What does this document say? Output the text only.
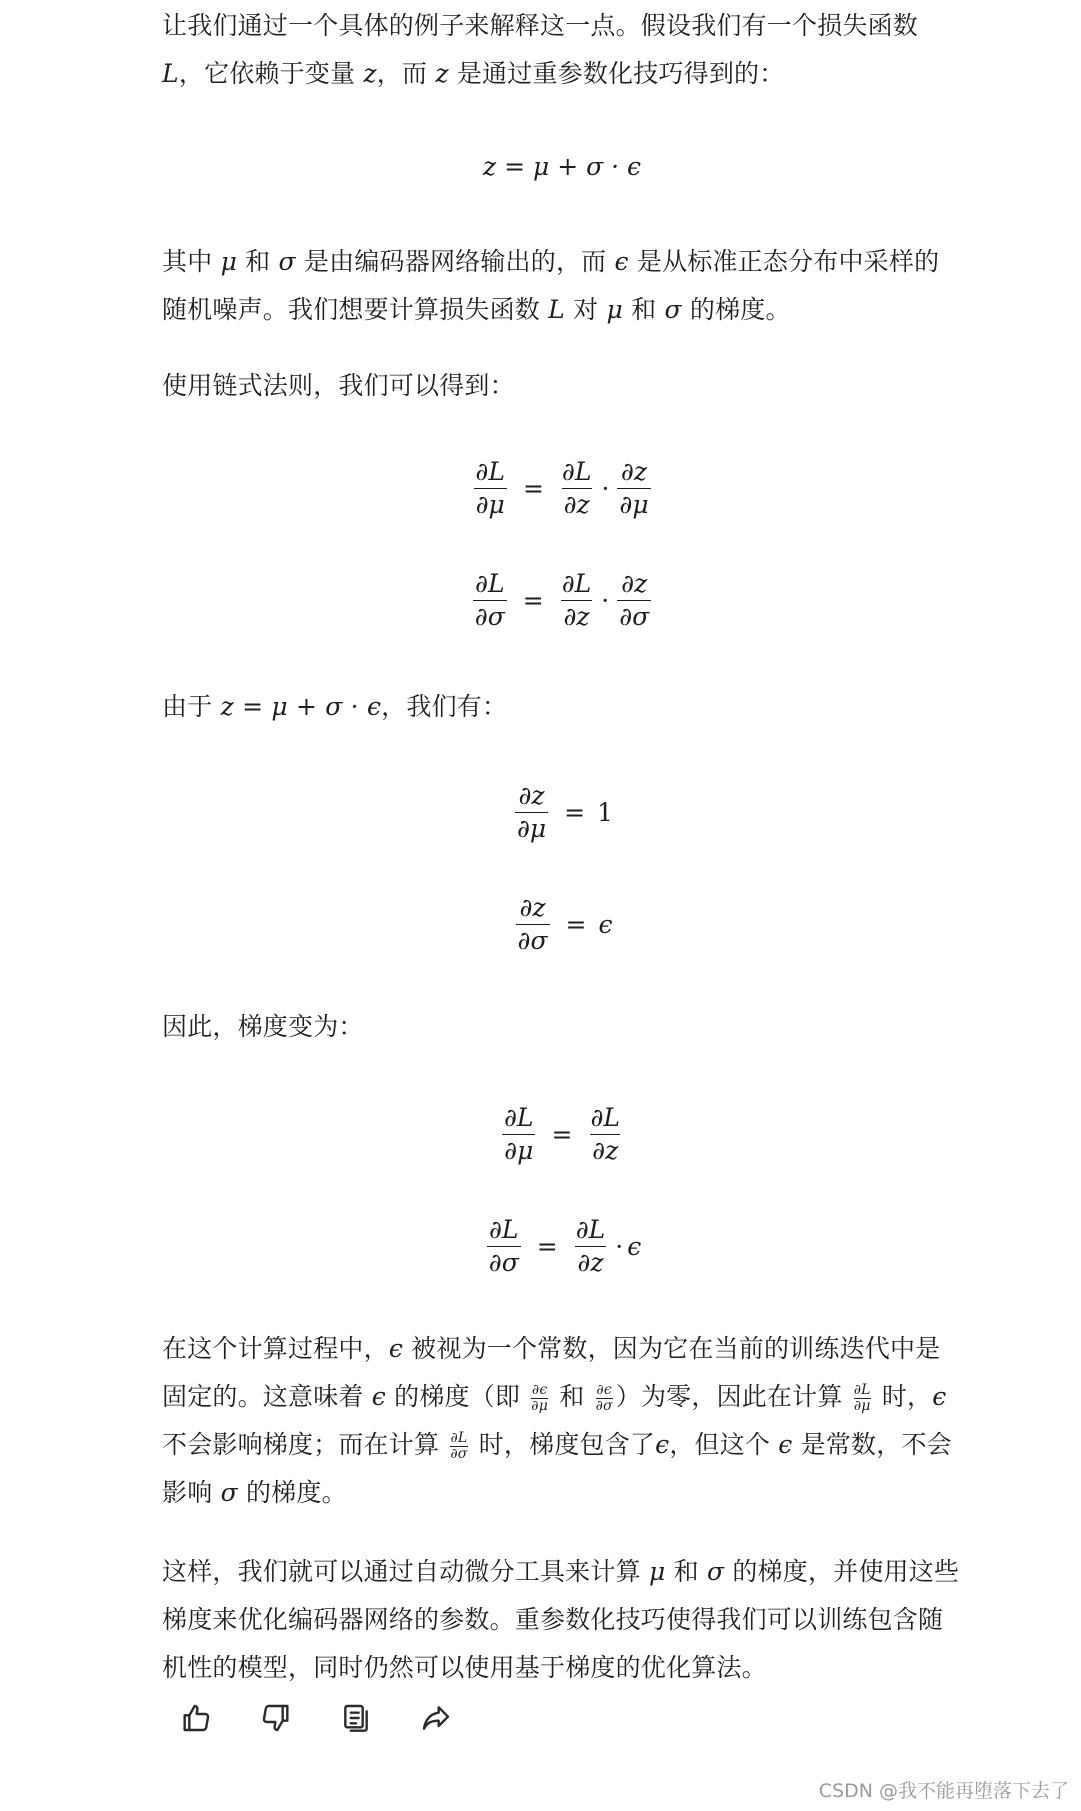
让我们通过一个具体的例子来解释这一点。假设我们有一个损失函数
L，它依赖于变量 z，而 z 是通过重参数化技巧得到的：

z = μ + σ · ϵ

其中 μ 和 σ 是由编码器网络输出的，而 ϵ 是从标准正态分布中采样的随机噪声。我们想要计算损失函数 L 对 μ 和 σ 的梯度。

使用链式法则，我们可以得到：

$\frac{\partial L}{\partial\mu} = \frac{\partial L}{\partial z} \cdot \frac{\partial z}{\partial\mu}$
$\frac{\partial L}{\partial\sigma} = \frac{\partial L}{\partial z} \cdot \frac{\partial z}{\partial\sigma}$

由于 z = μ + σ · ϵ，我们有：

$\frac{\partial z}{\partial\mu} = 1$
$\frac{\partial z}{\partial\sigma} = \epsilon$

因此，梯度变为：

$\frac{\partial L}{\partial\mu} = \frac{\partial L}{\partial z}$
$\frac{\partial L}{\partial\sigma} = \frac{\partial L}{\partial z} \cdot \epsilon$

在这个计算过程中，ϵ 被视为一个常数，因为它在当前的训练迭代中是固定的。这意味着 ϵ 的梯度（即 $\frac{\partial\epsilon}{\partial\mu}$ 和 $\frac{\partial\epsilon}{\partial\sigma}$ ）为零，因此在计算 $\frac{\partial L}{\partial\mu}$ 时，ϵ 不会影响梯度；而在计算 $\frac{\partial L}{\partial\sigma}$ 时，梯度包含了ϵ，但这个 ϵ 是常数，不会影响 σ 的梯度。

这样，我们就可以通过自动微分工具来计算 μ 和 σ 的梯度，并使用这些梯度来优化编码器网络的参数。重参数化技巧使得我们可以训练包含随机性的模型，同时仍然可以使用基于梯度的优化算法。

CSDN @我不能再堕落下去了
